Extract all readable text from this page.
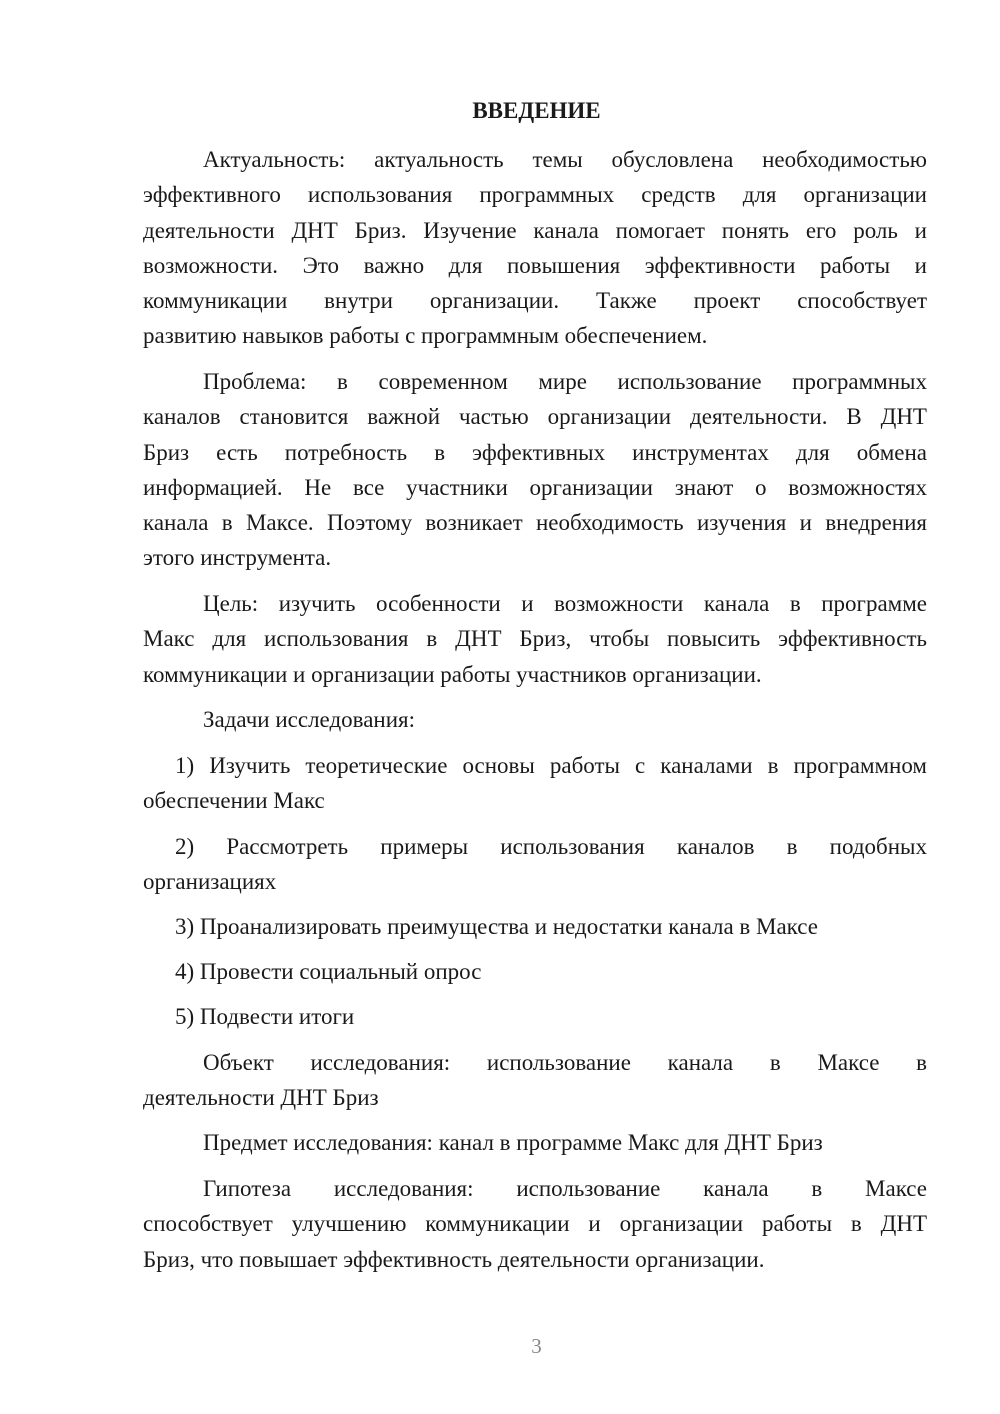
ВВЕДЕНИЕ
Актуальность: актуальность темы обусловлена необходимостью
эффективного использования программных средств для организации
деятельности ДНТ Бриз. Изучение канала помогает понять его роль и
возможности. Это важно для повышения эффективности работы и
коммуникации внутри организации. Также проект способствует
развитию навыков работы с программным обеспечением.
Проблема: в современном мире использование программных
каналов становится важной частью организации деятельности. В ДНТ
Бриз есть потребность в эффективных инструментах для обмена
информацией. Не все участники организации знают о возможностях
канала в Максе. Поэтому возникает необходимость изучения и внедрения
этого инструмента.
Цель: изучить особенности и возможности канала в программе
Макс для использования в ДНТ Бриз, чтобы повысить эффективность
коммуникации и организации работы участников организации.
Задачи исследования:
1) Изучить теоретические основы работы с каналами в программном
обеспечении Макс
2) Рассмотреть примеры использования каналов в подобных
организациях
3) Проанализировать преимущества и недостатки канала в Максе
4) Провести социальный опрос
5) Подвести итоги
Объект исследования: использование канала в Максе в
деятельности ДНТ Бриз
Предмет исследования: канал в программе Макс для ДНТ Бриз
Гипотеза исследования: использование канала в Максе
способствует улучшению коммуникации и организации работы в ДНТ
Бриз, что повышает эффективность деятельности организации.
3
